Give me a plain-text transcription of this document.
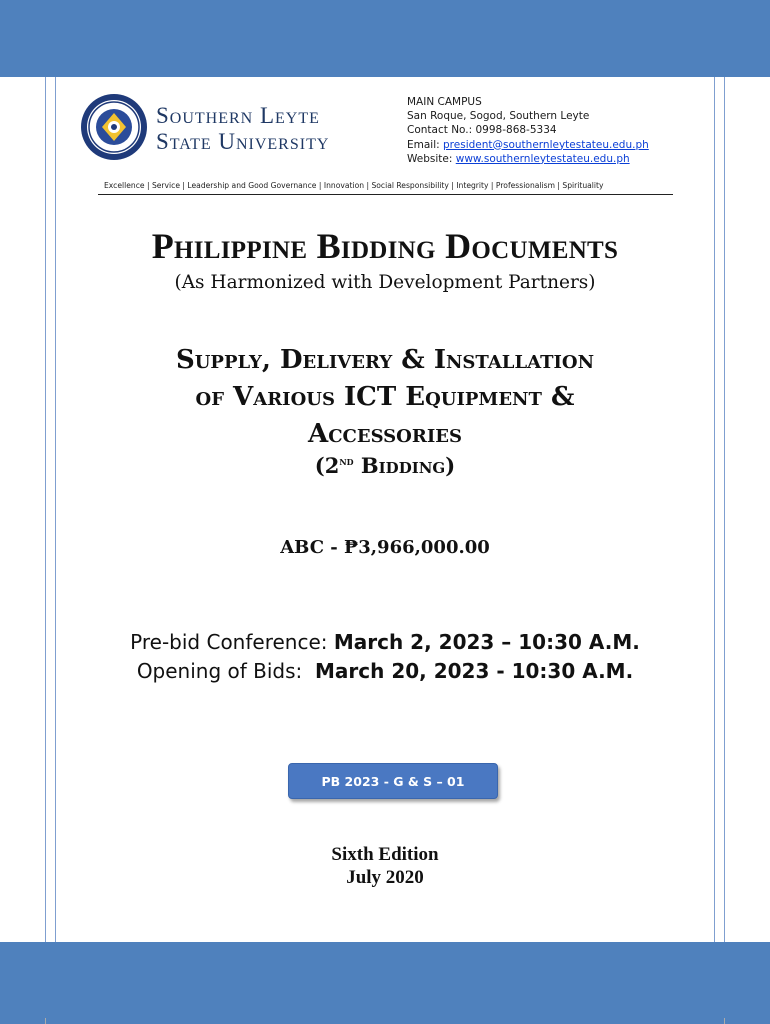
Southern Leyte
State University
MAIN CAMPUS
San Roque, Sogod, Southern Leyte
Contact No.: 0998-868-5334
Email: president@southernleytestateu.edu.ph
Website: www.southernleytestateu.edu.ph
Excellence | Service | Leadership and Good Governance | Innovation | Social Responsibility | Integrity | Professionalism | Spirituality
Philippine Bidding Documents
(As Harmonized with Development Partners)
Supply, Delivery & Installation
of Various ICT Equipment &
Accessories
(2nd Bidding)
ABC - ₱3,966,000.00
Pre-bid Conference: March 2, 2023 – 10:30 A.M.
Opening of Bids:  March 20, 2023 - 10:30 A.M.
PB 2023 - G & S – 01
Sixth Edition
July 2020
